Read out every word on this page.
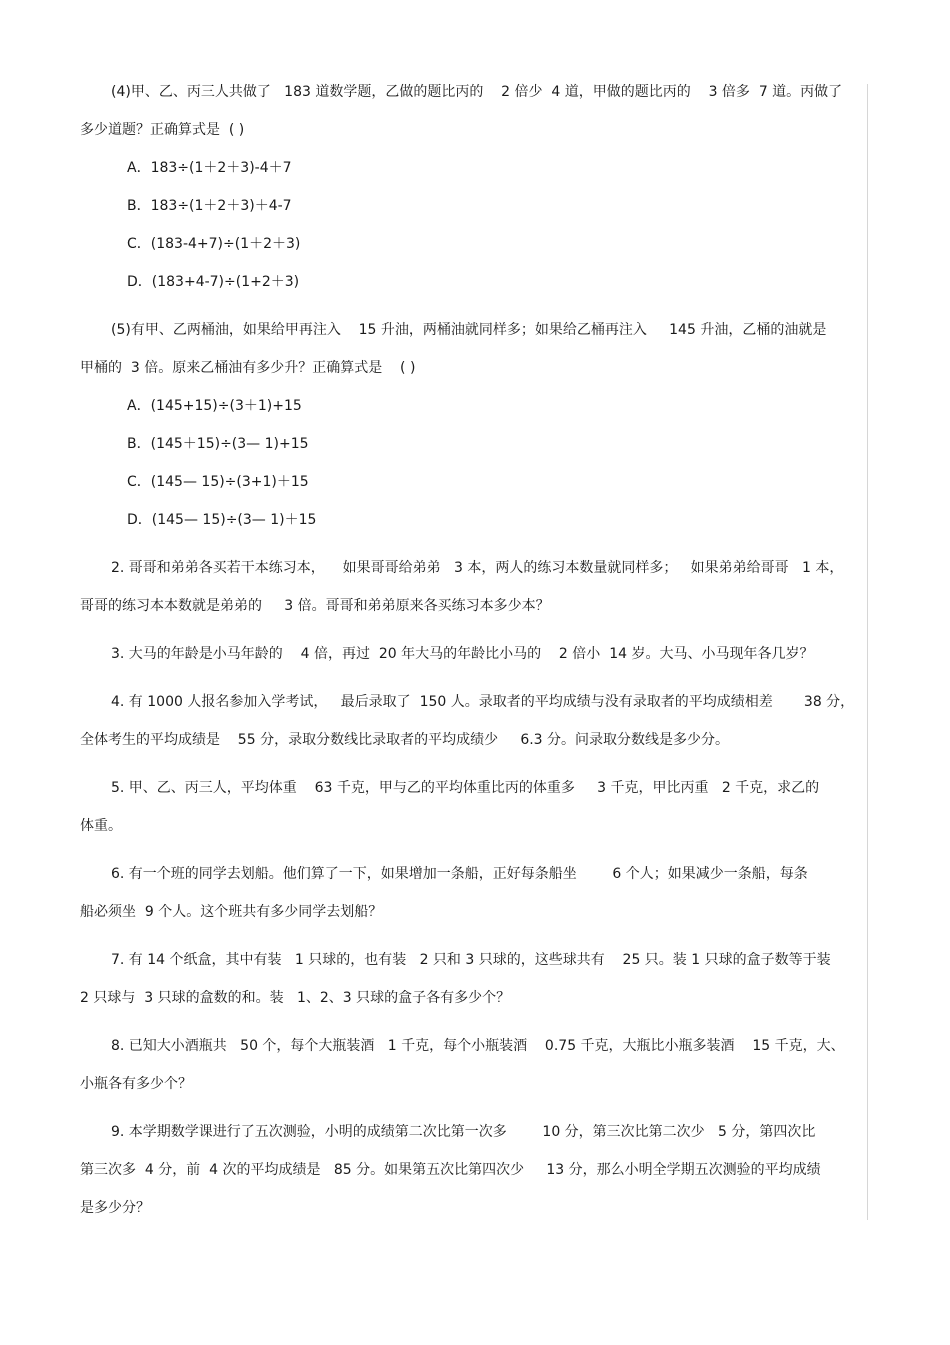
(4)甲、乙、丙三人共做了   183 道数学题，乙做的题比丙的    2 倍少  4 道，甲做的题比丙的    3 倍多  7 道。丙做了
多少道题？正确算式是  ( )
A．183÷(1＋2＋3)-4＋7
B．183÷(1＋2＋3)＋4-7
C．(183-4+7)÷(1＋2＋3)
D．(183+4-7)÷(1+2＋3)
(5)有甲、乙两桶油，如果给甲再注入    15 升油，两桶油就同样多；如果给乙桶再注入     145 升油，乙桶的油就是
甲桶的  3 倍。原来乙桶油有多少升？正确算式是    ( )
A．(145+15)÷(3＋1)+15
B．(145＋15)÷(3— 1)+15
C．(145— 15)÷(3+1)＋15
D．(145— 15)÷(3— 1)＋15
2. 哥哥和弟弟各买若干本练习本，    如果哥哥给弟弟   3 本，两人的练习本数量就同样多；   如果弟弟给哥哥   1 本，
哥哥的练习本本数就是弟弟的     3 倍。哥哥和弟弟原来各买练习本多少本？
3. 大马的年龄是小马年龄的    4 倍，再过  20 年大马的年龄比小马的    2 倍小  14 岁。大马、小马现年各几岁？
4. 有 1000 人报名参加入学考试，   最后录取了  150 人。录取者的平均成绩与没有录取者的平均成绩相差       38 分，
全体考生的平均成绩是    55 分，录取分数线比录取者的平均成绩少     6.3 分。问录取分数线是多少分。
5. 甲、乙、丙三人，平均体重    63 千克，甲与乙的平均体重比丙的体重多     3 千克，甲比丙重   2 千克，求乙的
体重。
6. 有一个班的同学去划船。他们算了一下，如果增加一条船，正好每条船坐        6 个人；如果减少一条船，每条
船必须坐  9 个人。这个班共有多少同学去划船？
7. 有 14 个纸盒，其中有装   1 只球的，也有装   2 只和 3 只球的，这些球共有    25 只。装 1 只球的盒子数等于装
2 只球与  3 只球的盒数的和。装   1、2、3 只球的盒子各有多少个？
8. 已知大小酒瓶共   50 个，每个大瓶装酒   1 千克，每个小瓶装酒    0.75 千克，大瓶比小瓶多装酒    15 千克，大、
小瓶各有多少个？
9. 本学期数学课进行了五次测验，小明的成绩第二次比第一次多        10 分，第三次比第二次少   5 分，第四次比
第三次多  4 分，前  4 次的平均成绩是   85 分。如果第五次比第四次少     13 分，那么小明全学期五次测验的平均成绩
是多少分？
